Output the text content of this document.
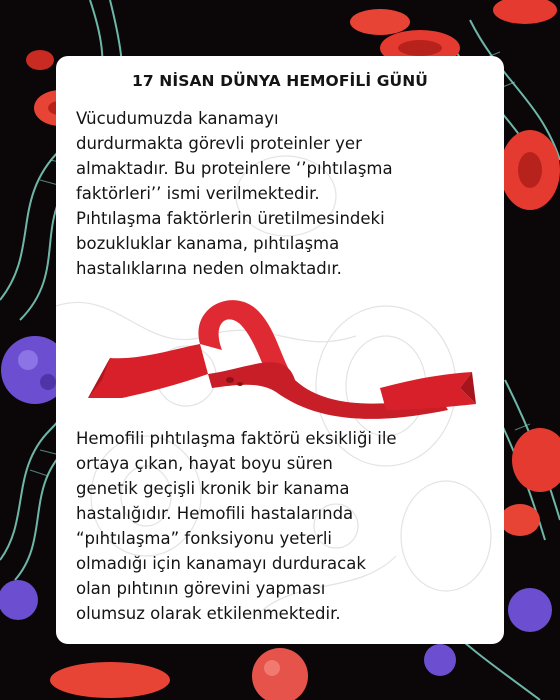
17 NİSAN DÜNYA HEMOFİLİ GÜNÜ

Vücudumuzda kanamayı
durdurmakta görevli proteinler yer
almaktadır. Bu proteinlere ‘’pıhtılaşma
faktörleri’’ ismi verilmektedir.
Pıhtılaşma faktörlerin üretilmesindeki
bozukluklar kanama, pıhtılaşma
hastalıklarına neden olmaktadır.

Hemofili pıhtılaşma faktörü eksikliği ile
ortaya çıkan, hayat boyu süren
genetik geçişli kronik bir kanama
hastalığıdır. Hemofili hastalarında
“pıhtılaşma” fonksiyonu yeterli
olmadığı için kanamayı durduracak
olan pıhtının görevini yapması
olumsuz olarak etkilenmektedir.
